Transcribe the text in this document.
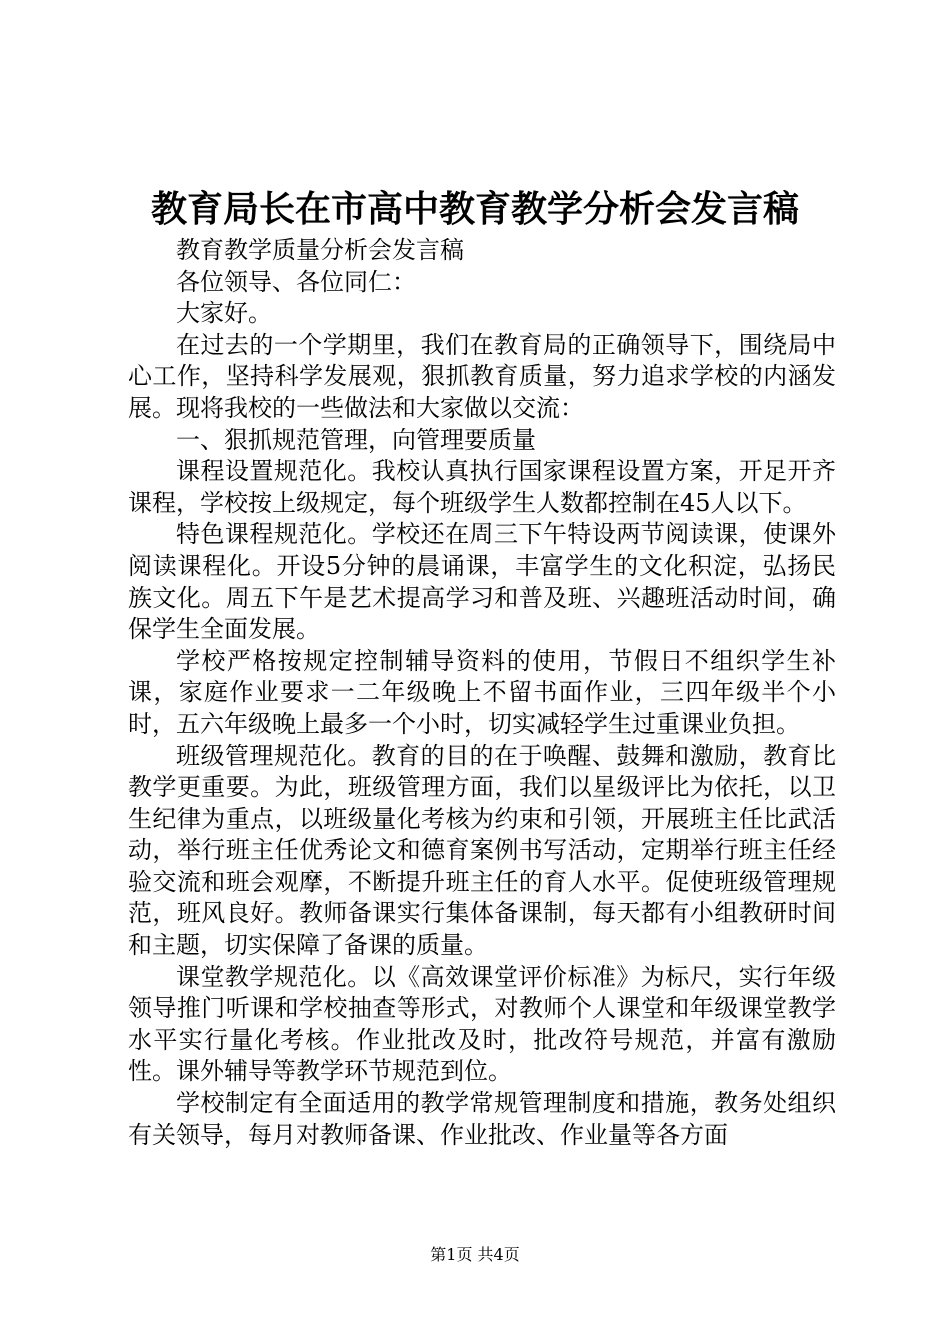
教育局长在市高中教育教学分析会发言稿

教育教学质量分析会发言稿

各位领导、各位同仁：

大家好。

在过去的一个学期里，我们在教育局的正确领导下，围绕局中心工作，坚持科学发展观，狠抓教育质量，努力追求学校的内涵发展。现将我校的一些做法和大家做以交流：

一、狠抓规范管理，向管理要质量

课程设置规范化。我校认真执行国家课程设置方案，开足开齐课程，学校按上级规定，每个班级学生人数都控制在45人以下。

特色课程规范化。学校还在周三下午特设两节阅读课，使课外阅读课程化。开设5分钟的晨诵课，丰富学生的文化积淀，弘扬民族文化。周五下午是艺术提高学习和普及班、兴趣班活动时间，确保学生全面发展。

学校严格按规定控制辅导资料的使用，节假日不组织学生补课，家庭作业要求一二年级晚上不留书面作业，三四年级半个小时，五六年级晚上最多一个小时，切实减轻学生过重课业负担。

班级管理规范化。教育的目的在于唤醒、鼓舞和激励，教育比教学更重要。为此，班级管理方面，我们以星级评比为依托，以卫生纪律为重点，以班级量化考核为约束和引领，开展班主任比武活动，举行班主任优秀论文和德育案例书写活动，定期举行班主任经验交流和班会观摩，不断提升班主任的育人水平。促使班级管理规范，班风良好。教师备课实行集体备课制，每天都有小组教研时间和主题，切实保障了备课的质量。

课堂教学规范化。以《高效课堂评价标准》为标尺，实行年级领导推门听课和学校抽查等形式，对教师个人课堂和年级课堂教学水平实行量化考核。作业批改及时，批改符号规范，并富有激励性。课外辅导等教学环节规范到位。

学校制定有全面适用的教学常规管理制度和措施，教务处组织有关领导，每月对教师备课、作业批改、作业量等各方面

第1页 共4页
